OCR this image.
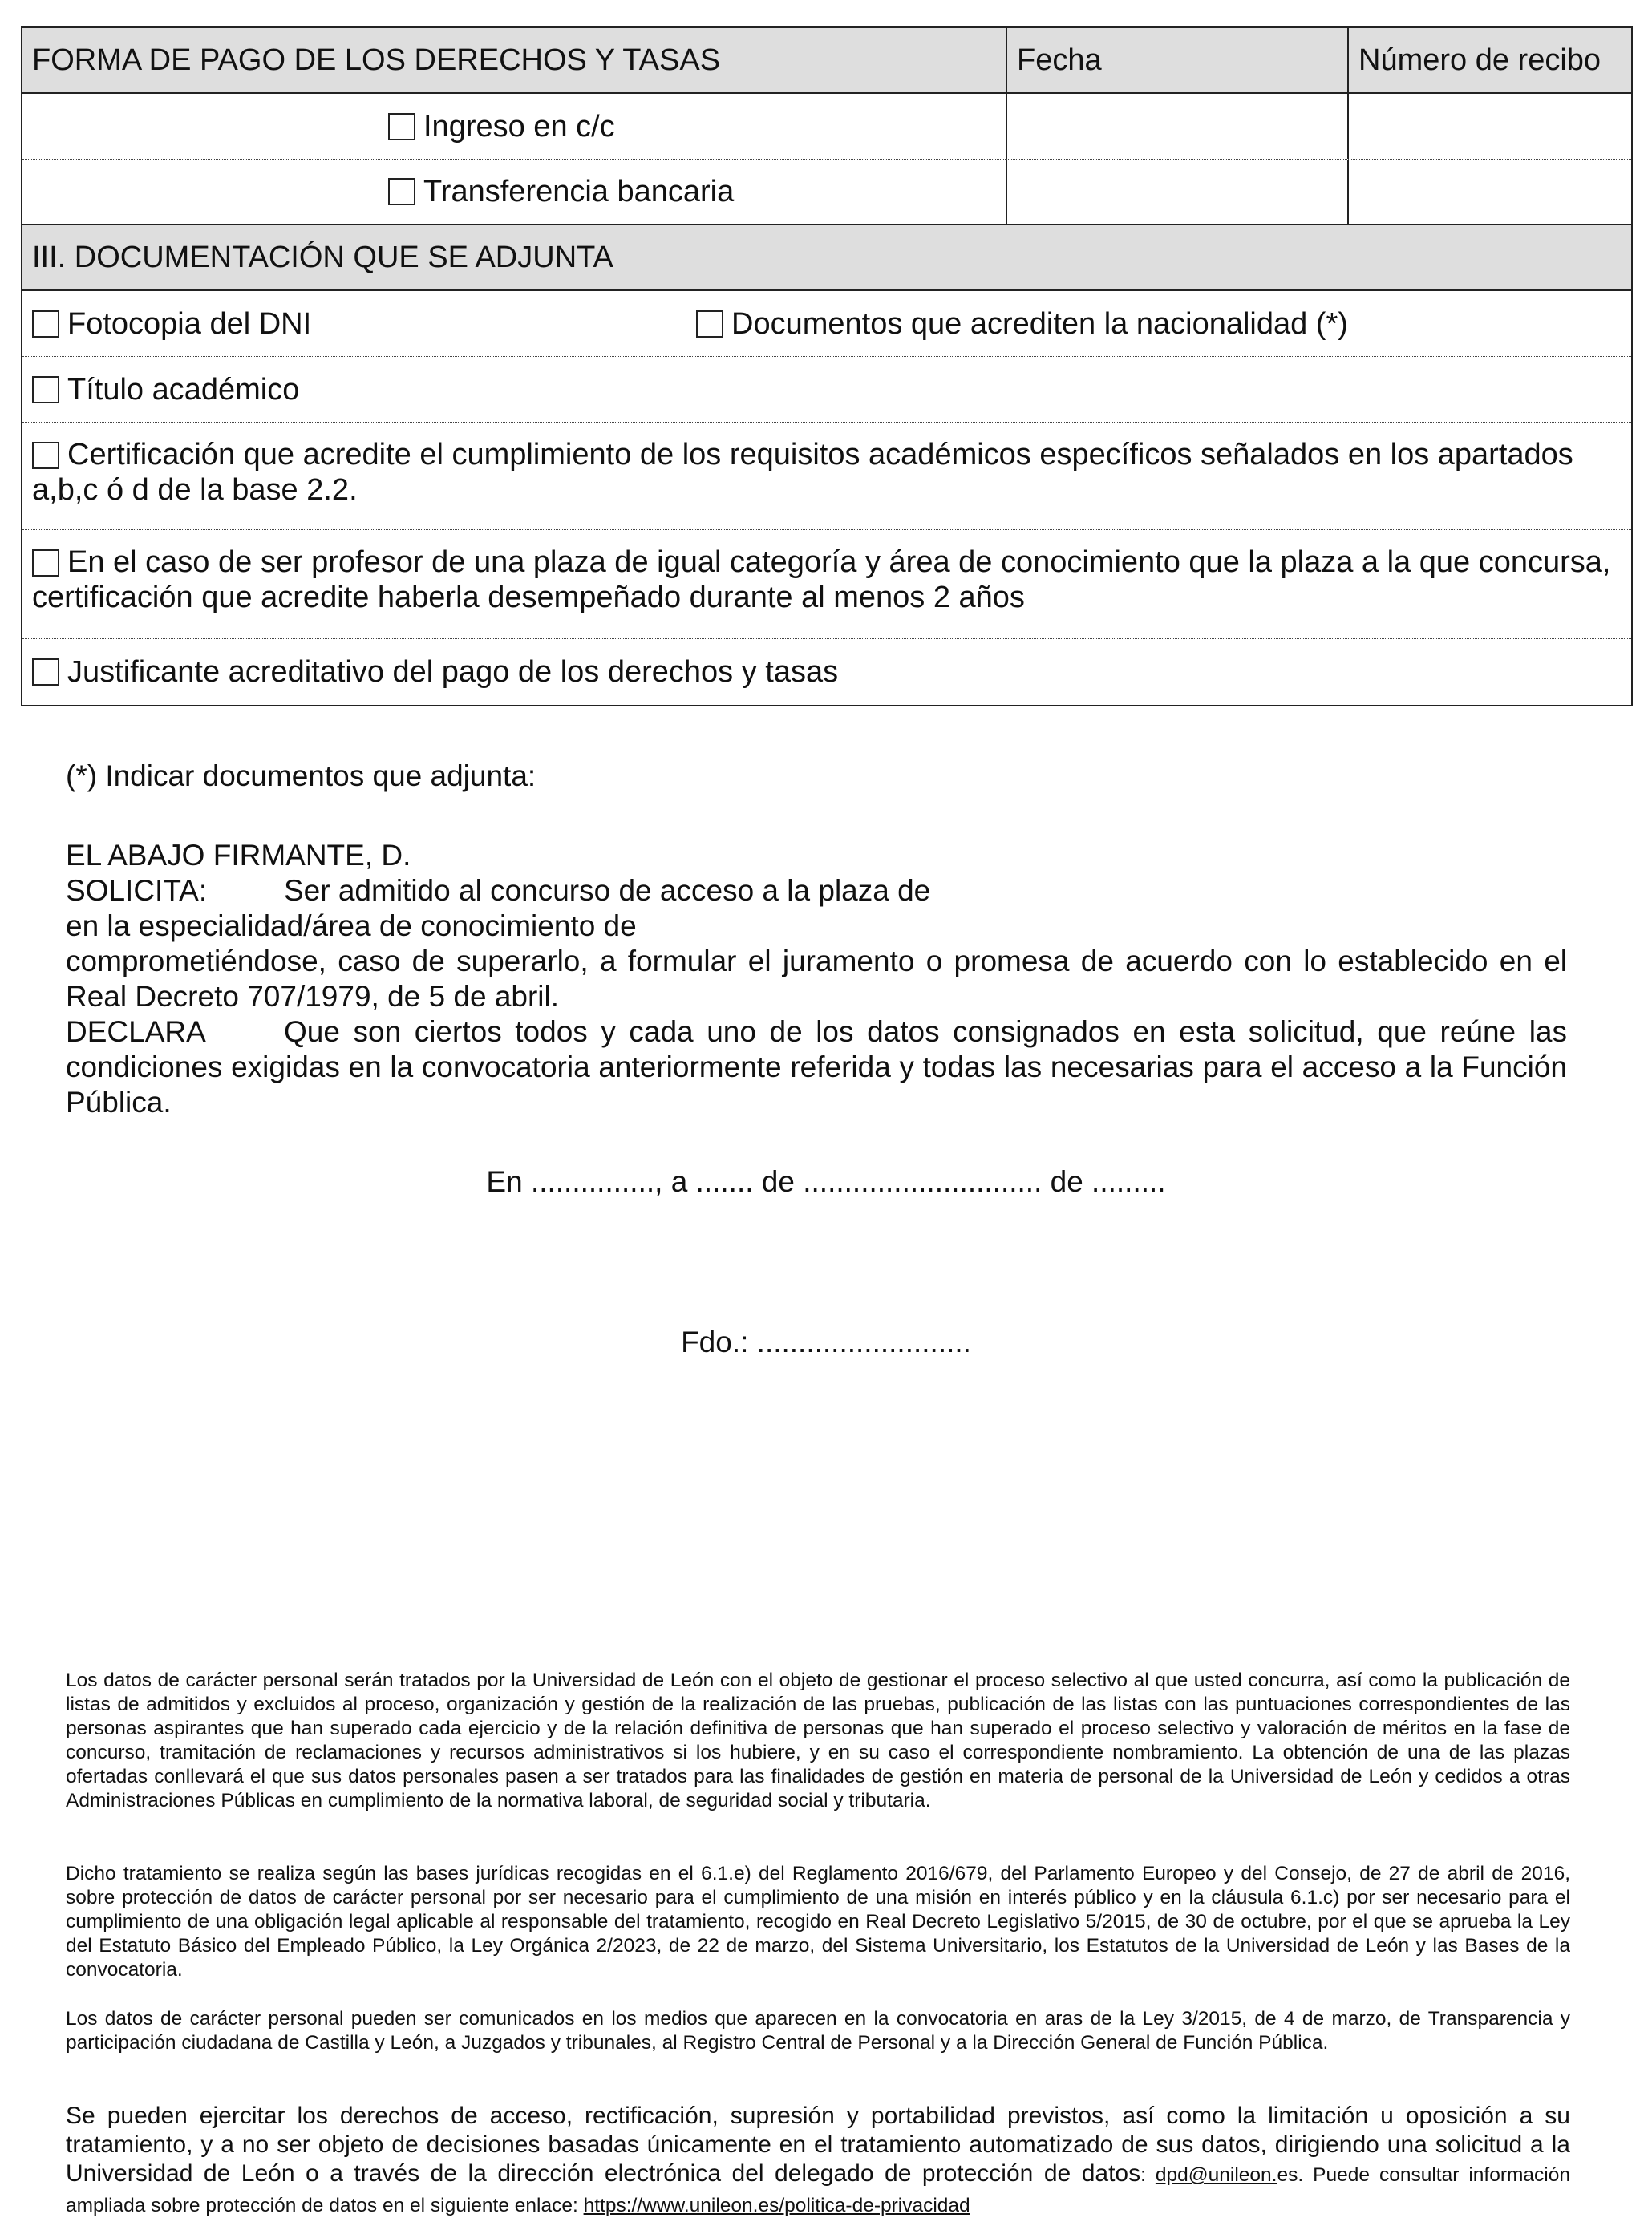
FORMA DE PAGO DE LOS DERECHOS Y TASAS	Fecha	Número de recibo
Ingreso en c/c
Transferencia bancaria
III. DOCUMENTACIÓN QUE SE ADJUNTA
Fotocopia del DNI	Documentos que acrediten la nacionalidad (*)
Título académico
Certificación que acredite el cumplimiento de los requisitos académicos específicos señalados en los apartados a,b,c ó d de la base 2.2.
En el caso de ser profesor de una plaza de igual categoría y área de conocimiento que la plaza a la que concursa, certificación que acredite haberla desempeñado durante al menos 2 años
Justificante acreditativo del pago de los derechos y tasas
(*) Indicar documentos que adjunta:
EL ABAJO FIRMANTE, D.
SOLICITA:	Ser admitido al concurso de acceso a la plaza de
en la especialidad/área de conocimiento de
comprometiéndose, caso de superarlo, a formular el juramento o promesa de acuerdo con lo establecido en el Real Decreto 707/1979, de 5 de abril.
DECLARA	Que son ciertos todos y cada uno de los datos consignados en esta solicitud, que reúne las condiciones exigidas en la convocatoria anteriormente referida y todas las necesarias para el acceso a la Función Pública.
En ..............., a ....... de ............................. de .........
Fdo.: ..........................
Los datos de carácter personal serán tratados por la Universidad de León con el objeto de gestionar el proceso selectivo al que usted concurra, así como la publicación de listas de admitidos y excluidos al proceso, organización y gestión de la realización de las pruebas, publicación de las listas con las puntuaciones correspondientes de las personas aspirantes que han superado cada ejercicio y de la relación definitiva de personas que han superado el proceso selectivo y valoración de méritos en la fase de concurso, tramitación de reclamaciones y recursos administrativos si los hubiere, y en su caso el correspondiente nombramiento. La obtención de una de las plazas ofertadas conllevará el que sus datos personales pasen a ser tratados para las finalidades de gestión en materia de personal de la Universidad de León y cedidos a otras Administraciones Públicas en cumplimiento de la normativa laboral, de seguridad social y tributaria.
Dicho tratamiento se realiza según las bases jurídicas recogidas en el 6.1.e) del Reglamento 2016/679, del Parlamento Europeo y del Consejo, de 27 de abril de 2016, sobre protección de datos de carácter personal por ser necesario para el cumplimiento de una misión en interés público y en la cláusula 6.1.c) por ser necesario para el cumplimiento de una obligación legal aplicable al responsable del tratamiento, recogido en Real Decreto Legislativo 5/2015, de 30 de octubre, por el que se aprueba la Ley del Estatuto Básico del Empleado Público, la Ley Orgánica 2/2023, de 22 de marzo, del Sistema Universitario, los Estatutos de la Universidad de León y las Bases de la convocatoria.
Los datos de carácter personal pueden ser comunicados en los medios que aparecen en la convocatoria en aras de la Ley 3/2015, de 4 de marzo, de Transparencia y participación ciudadana de Castilla y León, a Juzgados y tribunales, al Registro Central de Personal y a la Dirección General de Función Pública.
Se pueden ejercitar los derechos de acceso, rectificación, supresión y portabilidad previstos, así como la limitación u oposición a su tratamiento, y a no ser objeto de decisiones basadas únicamente en el tratamiento automatizado de sus datos, dirigiendo una solicitud a la Universidad de León o a través de la dirección electrónica del delegado de protección de datos: dpd@unileon.es. Puede consultar información ampliada sobre protección de datos en el siguiente enlace: https://www.unileon.es/politica-de-privacidad
